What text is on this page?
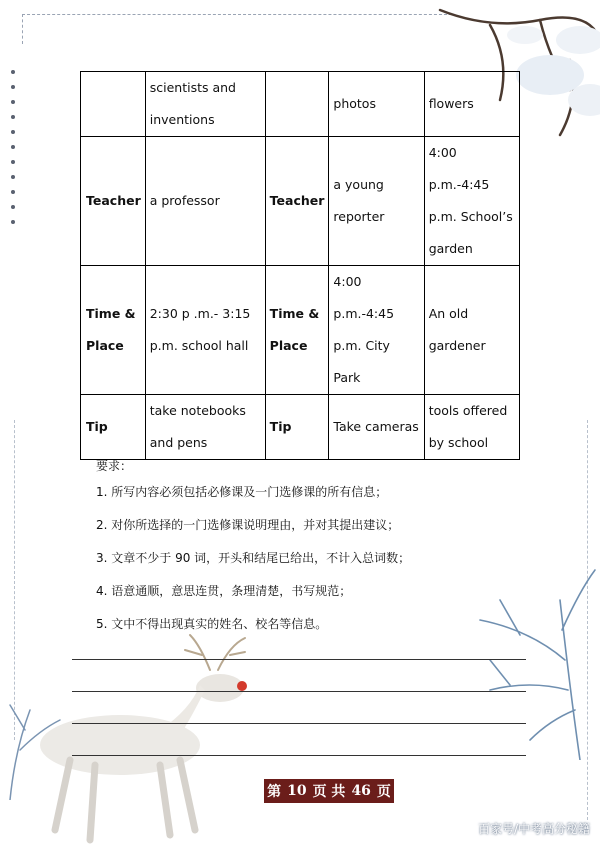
	scientists and inventions		photos	flowers
Teacher	a professor	Teacher	a young reporter	4:00 p.m.-4:45 p.m. School’s garden
Time & Place	2:30 p .m.- 3:15 p.m. school hall	Time & Place	4:00 p.m.-4:45 p.m. City Park	An old gardener
Tip	take notebooks and pens	Tip	Take cameras	tools offered by school
要求：
1. 所写内容必须包括必修课及一门选修课的所有信息；
2. 对你所选择的一门选修课说明理由，并对其提出建议；
3. 文章不少于 90 词，开头和结尾已给出，不计入总词数；
4. 语意通顺，意思连贯，条理清楚，书写规范；
5. 文中不得出现真实的姓名、校名等信息。
第 10 页 共 46 页
百家号/中考高分秘籍
